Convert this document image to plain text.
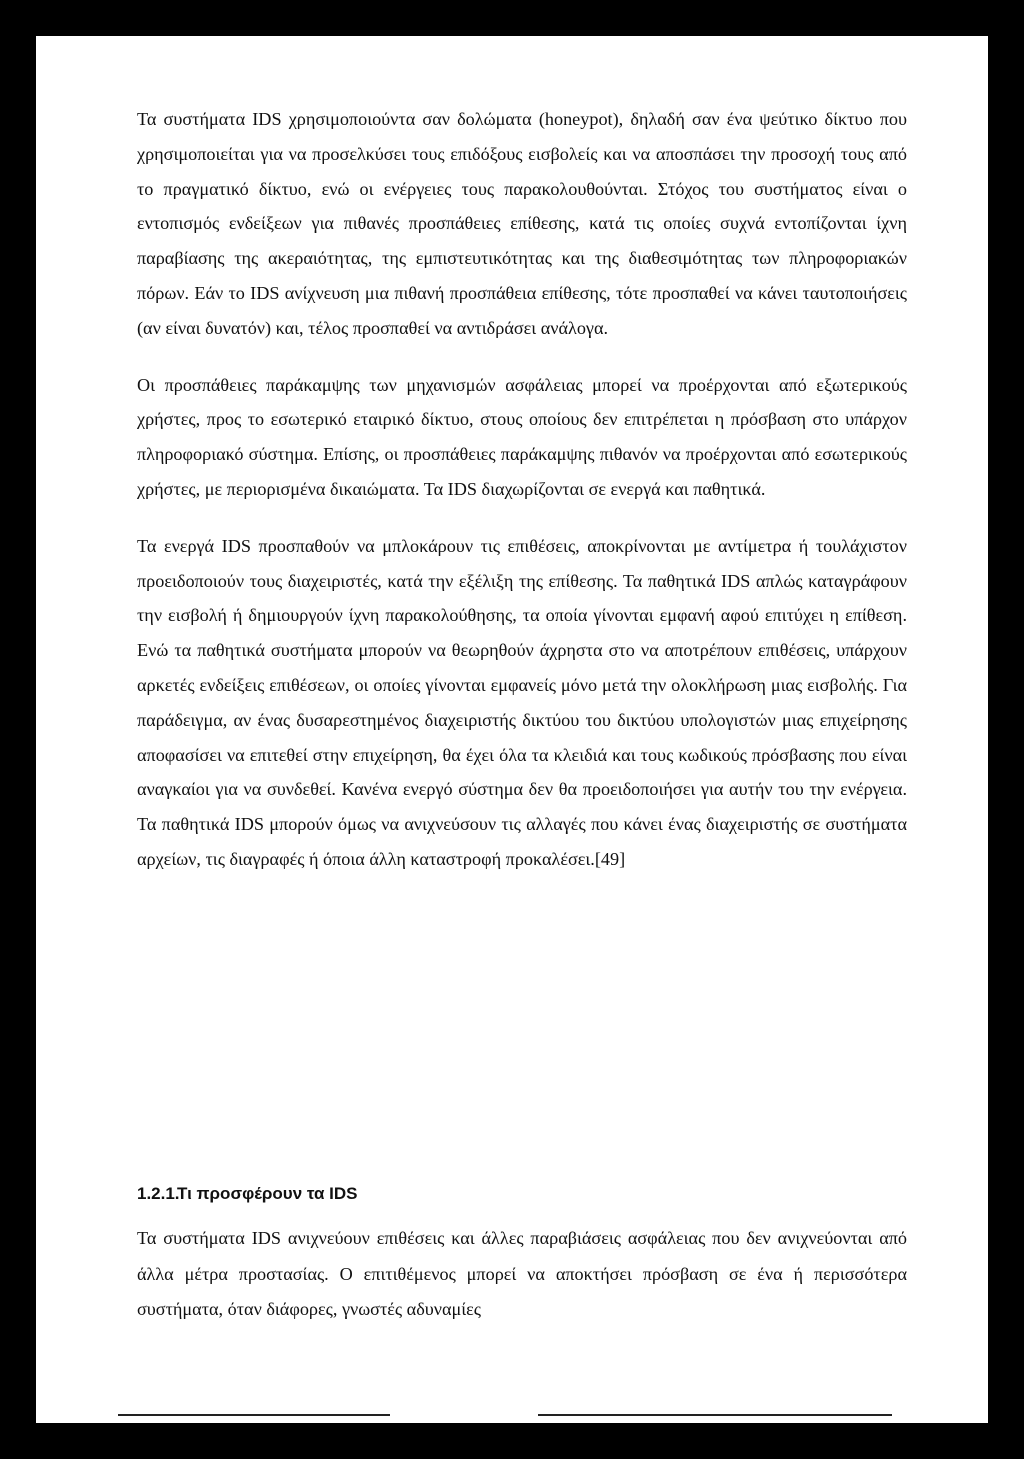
Τα συστήματα IDS χρησιμοποιούντα σαν δολώματα (honeypot), δηλαδή σαν ένα ψεύτικο δίκτυο που χρησιμοποιείται για να προσελκύσει τους επιδόξους εισβολείς και να αποσπάσει την προσοχή τους από το πραγματικό δίκτυο, ενώ οι ενέργειες τους παρακολουθούνται. Στόχος του συστήματος είναι ο εντοπισμός ενδείξεων για πιθανές προσπάθειες επίθεσης, κατά τις οποίες συχνά εντοπίζονται ίχνη παραβίασης της ακεραιότητας, της εμπιστευτικότητας και της διαθεσιμότητας των πληροφοριακών πόρων. Εάν το IDS ανίχνευση μια πιθανή προσπάθεια επίθεσης, τότε προσπαθεί να κάνει ταυτοποιήσεις (αν είναι δυνατόν) και, τέλος προσπαθεί να αντιδράσει ανάλογα.

Οι προσπάθειες παράκαμψης των μηχανισμών ασφάλειας μπορεί να προέρχονται από εξωτερικούς χρήστες, προς το εσωτερικό εταιρικό δίκτυο, στους οποίους δεν επιτρέπεται η πρόσβαση στο υπάρχον πληροφοριακό σύστημα. Επίσης, οι προσπάθειες παράκαμψης πιθανόν να προέρχονται από εσωτερικούς χρήστες, με περιορισμένα δικαιώματα. Τα IDS διαχωρίζονται σε ενεργά και παθητικά.

Τα ενεργά IDS προσπαθούν να μπλοκάρουν τις επιθέσεις, αποκρίνονται με αντίμετρα ή τουλάχιστον προειδοποιούν τους διαχειριστές, κατά την εξέλιξη της επίθεσης. Τα παθητικά IDS απλώς καταγράφουν την εισβολή ή δημιουργούν ίχνη παρακολούθησης, τα οποία γίνονται εμφανή αφού επιτύχει η επίθεση. Ενώ τα παθητικά συστήματα μπορούν να θεωρηθούν άχρηστα στο να αποτρέπουν επιθέσεις, υπάρχουν αρκετές ενδείξεις επιθέσεων, οι οποίες γίνονται εμφανείς μόνο μετά την ολοκλήρωση μιας εισβολής. Για παράδειγμα, αν ένας δυσαρεστημένος διαχειριστής δικτύου του δικτύου υπολογιστών μιας επιχείρησης αποφασίσει να επιτεθεί στην επιχείρηση, θα έχει όλα τα κλειδιά και τους κωδικούς πρόσβασης που είναι αναγκαίοι για να συνδεθεί. Κανένα ενεργό σύστημα δεν θα προειδοποιήσει για αυτήν του την ενέργεια. Τα παθητικά IDS μπορούν όμως να ανιχνεύσουν τις αλλαγές που κάνει ένας διαχειριστής σε συστήματα αρχείων, τις διαγραφές ή όποια άλλη καταστροφή προκαλέσει.[49]

1.2.1.Τι προσφέρουν τα IDS

Τα συστήματα IDS ανιχνεύουν επιθέσεις και άλλες παραβιάσεις ασφάλειας που δεν ανιχνεύονται από άλλα μέτρα προστασίας. Ο επιτιθέμενος μπορεί να αποκτήσει πρόσβαση σε ένα ή περισσότερα συστήματα, όταν διάφορες, γνωστές αδυναμίες
